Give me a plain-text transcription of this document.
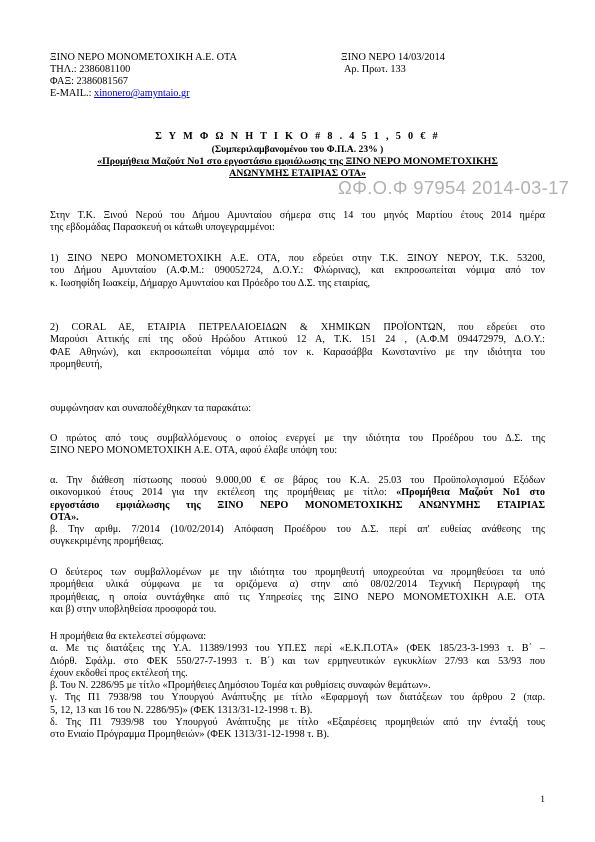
ΞΙΝΟ ΝΕΡΟ ΜΟΝΟΜΕΤΟΧΙΚΗ Α.Ε. ΟΤΑ
ΤΗΛ.: 2386081100
ΦΑΞ: 2386081567
E-MAIL.: xinonero@amyntaio.gr
ΞΙΝΟ ΝΕΡΟ 14/03/2014
Αρ. Πρωτ. 133
Σ Υ Μ Φ Ω Ν Η Τ Ι Κ Ο # 8 . 4 5 1 , 5 0 € #
(Συμπεριλαμβανομένου του Φ.Π.Α. 23% )
«Προμήθεια Μαζούτ Νο1 στο εργοστάσιο εμφιάλωσης της ΞΙΝΟ ΝΕΡΟ ΜΟΝΟΜΕΤΟΧΙΚΗΣ
ΑΝΩΝΥΜΗΣ ΕΤΑΙΡΙΑΣ ΟΤΑ»
ΩΦ.Ο.Φ 97954 2014-03-17
Στην Τ.Κ. Ξινού Νερού του Δήμου Αμυνταίου σήμερα στις 14 του μηνός Μαρτίου έτους 2014 ημέρα
της εβδομάδας Παρασκευή οι κάτωθι υπογεγραμμένοι:
1) ΞΙΝΟ ΝΕΡΟ ΜΟΝΟΜΕΤΟΧΙΚΗ Α.Ε. ΟΤΑ, που εδρεύει στην Τ.Κ. ΞΙΝΟΥ ΝΕΡΟΥ, Τ.Κ. 53200,
του Δήμου Αμυνταίου (Α.Φ.Μ.: 090052724, Δ.Ο.Υ.: Φλώρινας), και εκπροσωπείται νόμιμα από τον
κ. Ιωσηφίδη Ιωακείμ, Δήμαρχο Αμυνταίου και Πρόεδρο του Δ.Σ. της εταιρίας,
2) CORAL AE, ΕΤΑΙΡΙΑ ΠΕΤΡΕΛΑΙΟΕΙΔΩΝ & ΧΗΜΙΚΩΝ ΠΡΟΪΟΝΤΩΝ, που εδρεύει στο
Μαρούσι Αττικής επί της οδού Ηρώδου Αττικού 12 Α, Τ.Κ. 151 24 , (Α.Φ.Μ 094472979, Δ.Ο.Υ.:
ΦΑΕ Αθηνών), και εκπροσωπείται νόμιμα από τον κ. Καρασάββα Κωνσταντίνο με την ιδιότητα του
προμηθευτή,
συμφώνησαν και συναποδέχθηκαν τα παρακάτω:
Ο πρώτος από τους συμβαλλόμενους ο οποίος ενεργεί με την ιδιότητα του Προέδρου του Δ.Σ. της
ΞΙΝΟ ΝΕΡΟ ΜΟΝΟΜΕΤΟΧΙΚΗ Α.Ε. ΟΤΑ, αφού έλαβε υπόψη του:
α. Την διάθεση πίστωσης ποσού 9.000,00 € σε βάρος του Κ.Α. 25.03 του Προϋπολογισμού Εξόδων
οικονομικού έτους 2014 για την εκτέλεση της προμήθειας με τίτλο: «Προμήθεια Μαζούτ Νο1 στο
εργοστάσιο εμφιάλωσης της ΞΙΝΟ ΝΕΡΟ ΜΟΝΟΜΕΤΟΧΙΚΗΣ ΑΝΩΝΥΜΗΣ ΕΤΑΙΡΙΑΣ
ΟΤΑ».
β. Την αριθμ. 7/2014 (10/02/2014) Απόφαση Προέδρου του Δ.Σ. περί απ' ευθείας ανάθεσης της
συγκεκριμένης προμήθειας.
Ο δεύτερος των συμβαλλομένων με την ιδιότητα του προμηθευτή υποχρεούται να προμηθεύσει τα υπό
προμήθεια υλικά σύμφωνα με τα οριζόμενα α) στην από 08/02/2014 Τεχνική Περιγραφή της
προμήθειας, η οποία συντάχθηκε από τις Υπηρεσίες της ΞΙΝΟ ΝΕΡΟ ΜΟΝΟΜΕΤΟΧΙΚΗ Α.Ε. ΟΤΑ
και β) στην υποβληθείσα προσφορά του.
Η προμήθεια θα εκτελεστεί σύμφωνα:
α. Με τις διατάξεις της Υ.Α. 11389/1993 του ΥΠ.ΕΣ περί «Ε.Κ.Π.ΟΤΑ» (ΦΕΚ 185/23-3-1993 τ. Β΄ –
Διόρθ. Σφάλμ. στο ΦΕΚ 550/27-7-1993 τ. Β΄) και των ερμηνευτικών εγκυκλίων 27/93 και 53/93 που
έχουν εκδοθεί προς εκτέλεσή της.
β. Του Ν. 2286/95 με τίτλο «Προμήθειες Δημόσιου Τομέα και ρυθμίσεις συναφών θεμάτων».
γ. Της Π1 7938/98 του Υπουργού Ανάπτυξης με τίτλο «Εφαρμογή των διατάξεων του άρθρου 2 (παρ.
5, 12, 13 και 16 του Ν. 2286/95)» (ΦΕΚ 1313/31-12-1998 τ. Β).
δ. Της Π1 7939/98 του Υπουργού Ανάπτυξης με τίτλο «Εξαιρέσεις προμηθειών από την ένταξή τους
στο Ενιαίο Πρόγραμμα Προμηθειών» (ΦΕΚ 1313/31-12-1998 τ. Β).
1
